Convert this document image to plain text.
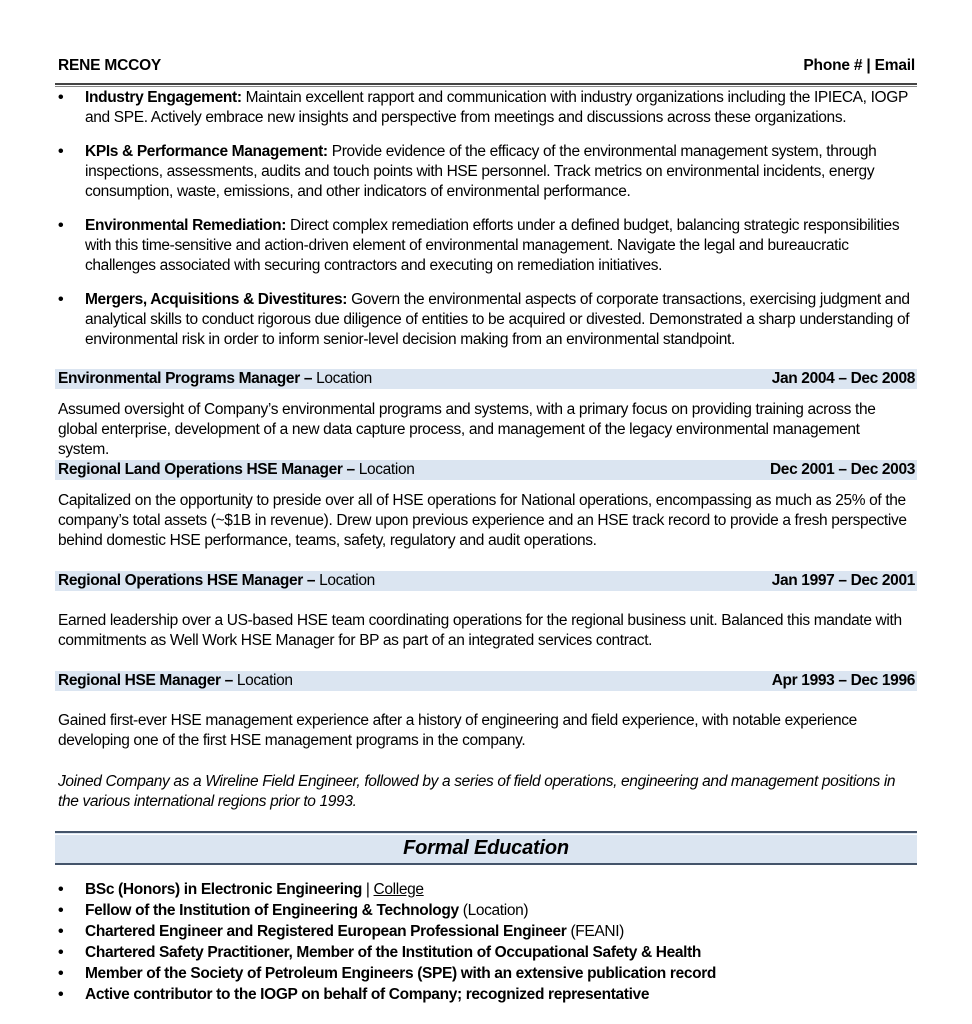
RENE MCCOY	Phone # | Email
• Industry Engagement: Maintain excellent rapport and communication with industry organizations including the IPIECA, IOGP and SPE. Actively embrace new insights and perspective from meetings and discussions across these organizations.
• KPIs & Performance Management: Provide evidence of the efficacy of the environmental management system, through inspections, assessments, audits and touch points with HSE personnel. Track metrics on environmental incidents, energy consumption, waste, emissions, and other indicators of environmental performance.
• Environmental Remediation: Direct complex remediation efforts under a defined budget, balancing strategic responsibilities with this time-sensitive and action-driven element of environmental management. Navigate the legal and bureaucratic challenges associated with securing contractors and executing on remediation initiatives.
• Mergers, Acquisitions & Divestitures: Govern the environmental aspects of corporate transactions, exercising judgment and analytical skills to conduct rigorous due diligence of entities to be acquired or divested. Demonstrated a sharp understanding of environmental risk in order to inform senior-level decision making from an environmental standpoint.
Environmental Programs Manager – Location	Jan 2004 – Dec 2008
Assumed oversight of Company’s environmental programs and systems, with a primary focus on providing training across the global enterprise, development of a new data capture process, and management of the legacy environmental management system.
Regional Land Operations HSE Manager – Location	Dec 2001 – Dec 2003
Capitalized on the opportunity to preside over all of HSE operations for National operations, encompassing as much as 25% of the company’s total assets (~$1B in revenue). Drew upon previous experience and an HSE track record to provide a fresh perspective behind domestic HSE performance, teams, safety, regulatory and audit operations.
Regional Operations HSE Manager – Location	Jan 1997 – Dec 2001
Earned leadership over a US-based HSE team coordinating operations for the regional business unit. Balanced this mandate with commitments as Well Work HSE Manager for BP as part of an integrated services contract.
Regional HSE Manager – Location	Apr 1993 – Dec 1996
Gained first-ever HSE management experience after a history of engineering and field experience, with notable experience developing one of the first HSE management programs in the company.
Joined Company as a Wireline Field Engineer, followed by a series of field operations, engineering and management positions in the various international regions prior to 1993.
Formal Education
• BSc (Honors) in Electronic Engineering | College
• Fellow of the Institution of Engineering & Technology (Location)
• Chartered Engineer and Registered European Professional Engineer (FEANI)
• Chartered Safety Practitioner, Member of the Institution of Occupational Safety & Health
• Member of the Society of Petroleum Engineers (SPE) with an extensive publication record
• Active contributor to the IOGP on behalf of Company; recognized representative
